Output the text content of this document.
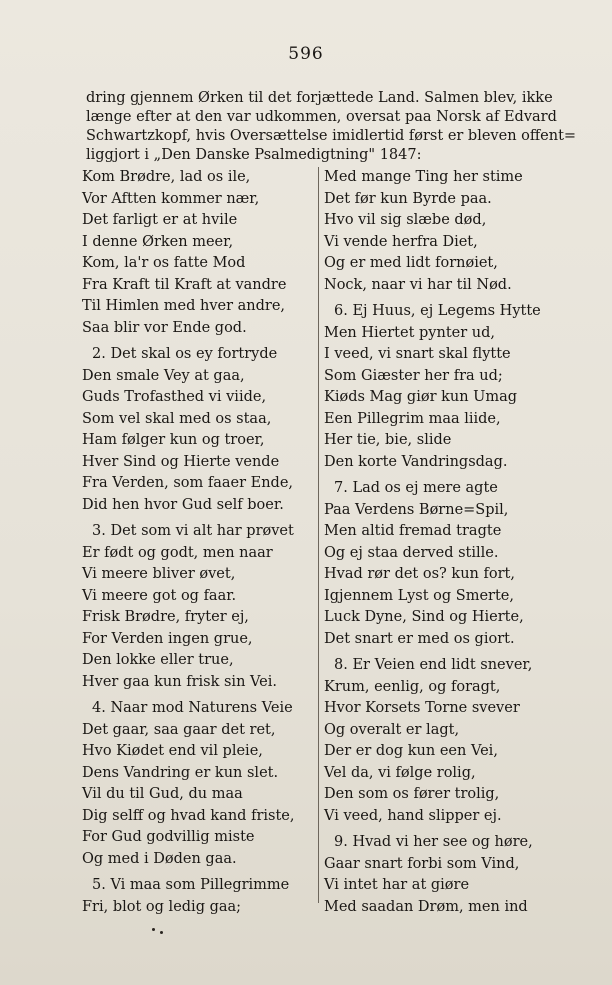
596
dring gjennem Ørken til det forjættede Land. Salmen blev, ikke
længe efter at den var udkommen, oversat paa Norsk af Edvard
Schwartzkopf, hvis Oversættelse imidlertid først er bleven offent=
liggjort i „Den Danske Psalmedigtning" 1847:
Kom Brødre, lad os ile,
Vor Aftten kommer nær,
Det farligt er at hvile
I denne Ørken meer,
Kom, la'r os fatte Mod
Fra Kraft til Kraft at vandre
Til Himlen med hver andre,
Saa blir vor Ende god.
2. Det skal os ey fortryde
Den smale Vey at gaa,
Guds Trofasthed vi viide,
Som vel skal med os staa,
Ham følger kun og troer,
Hver Sind og Hierte vende
Fra Verden, som faaer Ende,
Did hen hvor Gud self boer.
3. Det som vi alt har prøvet
Er født og godt, men naar
Vi meere bliver øvet,
Vi meere got og faar.
Frisk Brødre, fryter ej,
For Verden ingen grue,
Den lokke eller true,
Hver gaa kun frisk sin Vei.
4. Naar mod Naturens Veie
Det gaar, saa gaar det ret,
Hvo Kiødet end vil pleie,
Dens Vandring er kun slet.
Vil du til Gud, du maa
Dig selff og hvad kand friste,
For Gud godvillig miste
Og med i Døden gaa.
5. Vi maa som Pillegrimme
Fri, blot og ledig gaa;
Med mange Ting her stime
Det før kun Byrde paa.
Hvo vil sig slæbe død,
Vi vende herfra Diet,
Og er med lidt fornøiet,
Nock, naar vi har til Nød.
6. Ej Huus, ej Legems Hytte
Men Hiertet pynter ud,
I veed, vi snart skal flytte
Som Giæster her fra ud;
Kiøds Mag giør kun Umag
Een Pillegrim maa liide,
Her tie, bie, slide
Den korte Vandringsdag.
7. Lad os ej mere agte
Paa Verdens Børne=Spil,
Men altid fremad tragte
Og ej staa derved stille.
Hvad rør det os? kun fort,
Igjennem Lyst og Smerte,
Luck Dyne, Sind og Hierte,
Det snart er med os giort.
8. Er Veien end lidt snever,
Krum, eenlig, og foragt,
Hvor Korsets Torne svever
Og overalt er lagt,
Der er dog kun een Vei,
Vel da, vi følge rolig,
Den som os fører trolig,
Vi veed, hand slipper ej.
9. Hvad vi her see og høre,
Gaar snart forbi som Vind,
Vi intet har at giøre
Med saadan Drøm, men ind
